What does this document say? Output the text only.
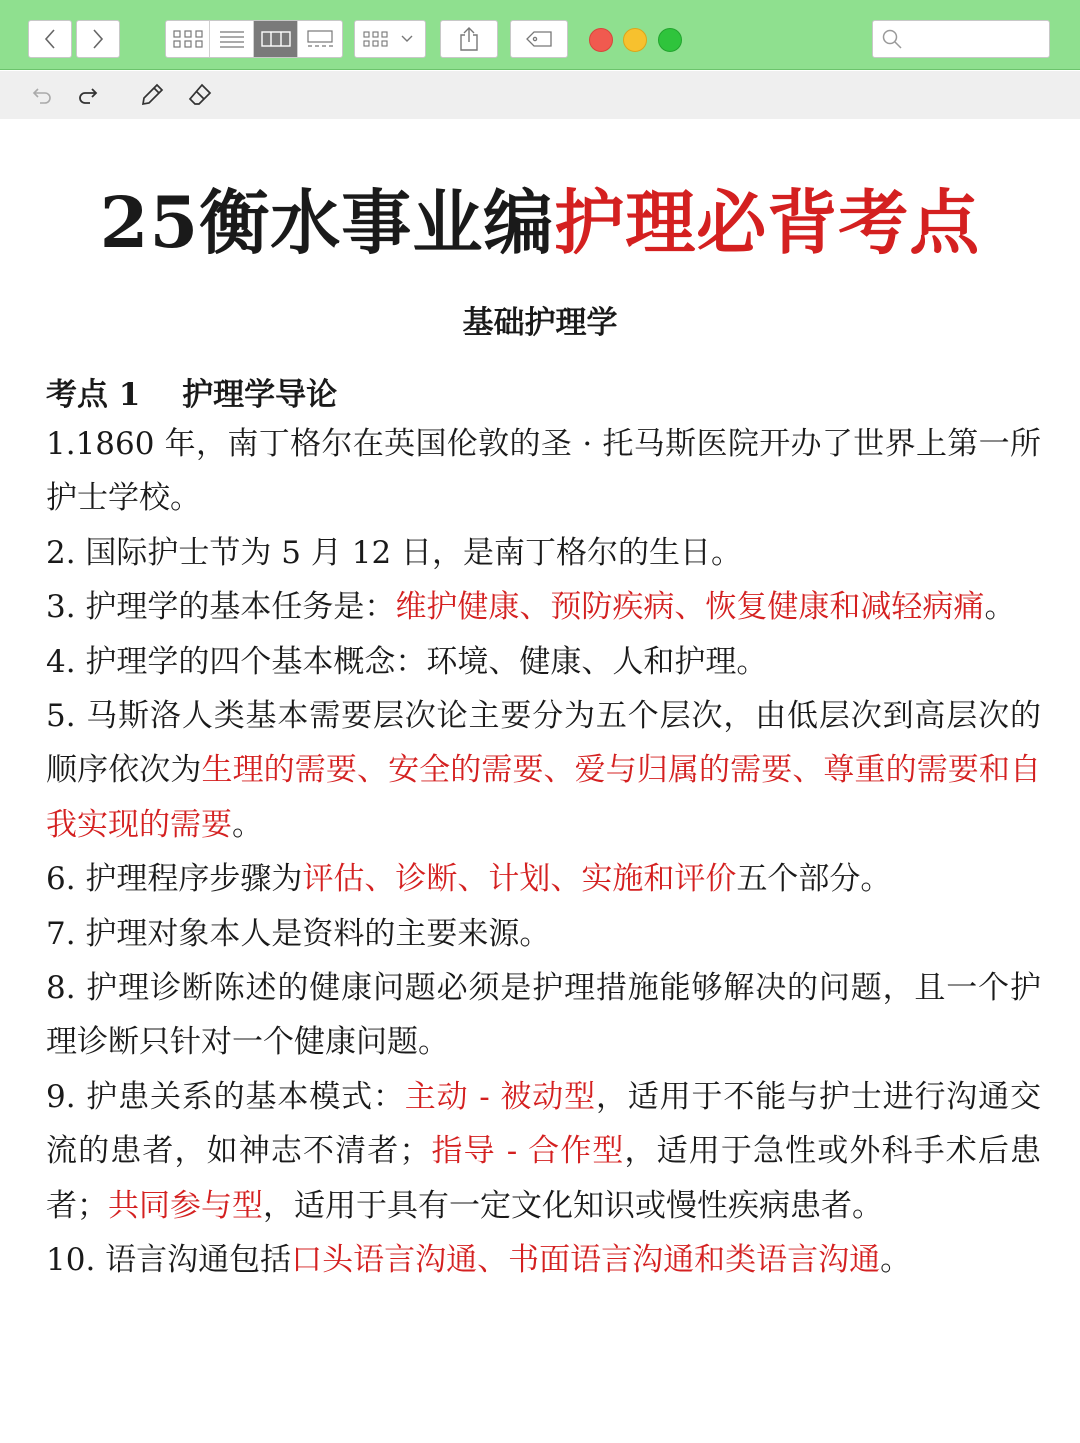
25衡水事业编护理必背考点
基础护理学
考点 1　 护理学导论

1.1860 年，南丁格尔在英国伦敦的圣 · 托马斯医院开办了世界上第一所护士学校。

2. 国际护士节为 5 月 12 日，是南丁格尔的生日。

3. 护理学的基本任务是：维护健康、预防疾病、恢复健康和减轻病痛。

4. 护理学的四个基本概念：环境、健康、人和护理。

5. 马斯洛人类基本需要层次论主要分为五个层次，由低层次到高层次的顺序依次为生理的需要、安全的需要、爱与归属的需要、尊重的需要和自我实现的需要。

6. 护理程序步骤为评估、诊断、计划、实施和评价五个部分。

7. 护理对象本人是资料的主要来源。

8. 护理诊断陈述的健康问题必须是护理措施能够解决的问题，且一个护理诊断只针对一个健康问题。

9. 护患关系的基本模式：主动 - 被动型，适用于不能与护士进行沟通交流的患者，如神志不清者；指导 - 合作型，适用于急性或外科手术后患者；共同参与型，适用于具有一定文化知识或慢性疾病患者。

10. 语言沟通包括口头语言沟通、书面语言沟通和类语言沟通。
